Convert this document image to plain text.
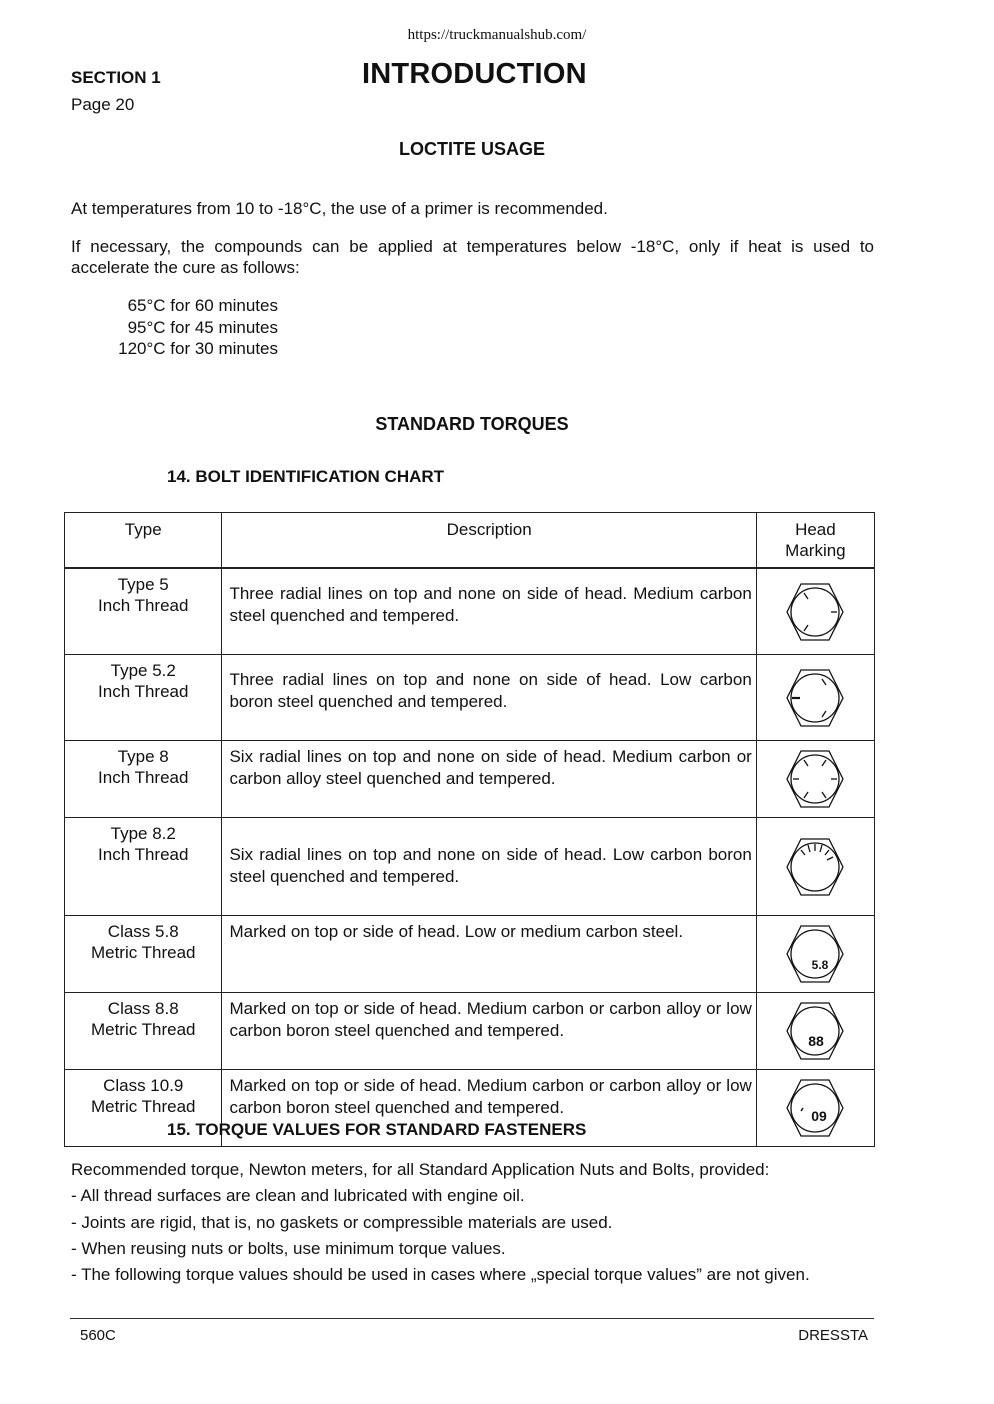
https://truckmanualshub.com/
SECTION 1
Page 20
INTRODUCTION
LOCTITE USAGE
At temperatures from 10 to -18°C, the use of a primer is recommended.
If necessary, the compounds can be applied at temperatures below -18°C, only if heat is used to accelerate the cure as follows:
65°C for 60 minutes
95°C for 45 minutes
120°C for 30 minutes
STANDARD TORQUES
14. BOLT IDENTIFICATION CHART
Type	Description	Head
Marking

Type 5
Inch Thread	Three radial lines on top and none on side of head. Medium carbon steel quenched and tempered.	

Type 5.2
Inch Thread	Three radial lines on top and none on side of head. Low carbon boron steel quenched and tempered.	

Type 8
Inch Thread	Six radial lines on top and none on side of head. Medium carbon or carbon alloy steel quenched and tempered.	

Type 8.2
Inch Thread	Six radial lines on top and none on side of head. Low carbon boron steel quenched and tempered.	

Class 5.8
Metric Thread	Marked on top or side of head. Low or medium carbon steel.	5.8

Class 8.8
Metric Thread	Marked on top or side of head. Medium carbon or carbon alloy or low carbon boron steel quenched and tempered.	88

Class 10.9
Metric Thread	Marked on top or side of head. Medium carbon or carbon alloy or low carbon boron steel quenched and tempered.	09
15. TORQUE VALUES FOR STANDARD FASTENERS
Recommended torque, Newton meters, for all Standard Application Nuts and Bolts, provided:
- All thread surfaces are clean and lubricated with engine oil.
- Joints are rigid, that is, no gaskets or compressible materials are used.
- When reusing nuts or bolts, use minimum torque values.
- The following torque values should be used in cases where „special torque values” are not given.
560C	DRESSTA
